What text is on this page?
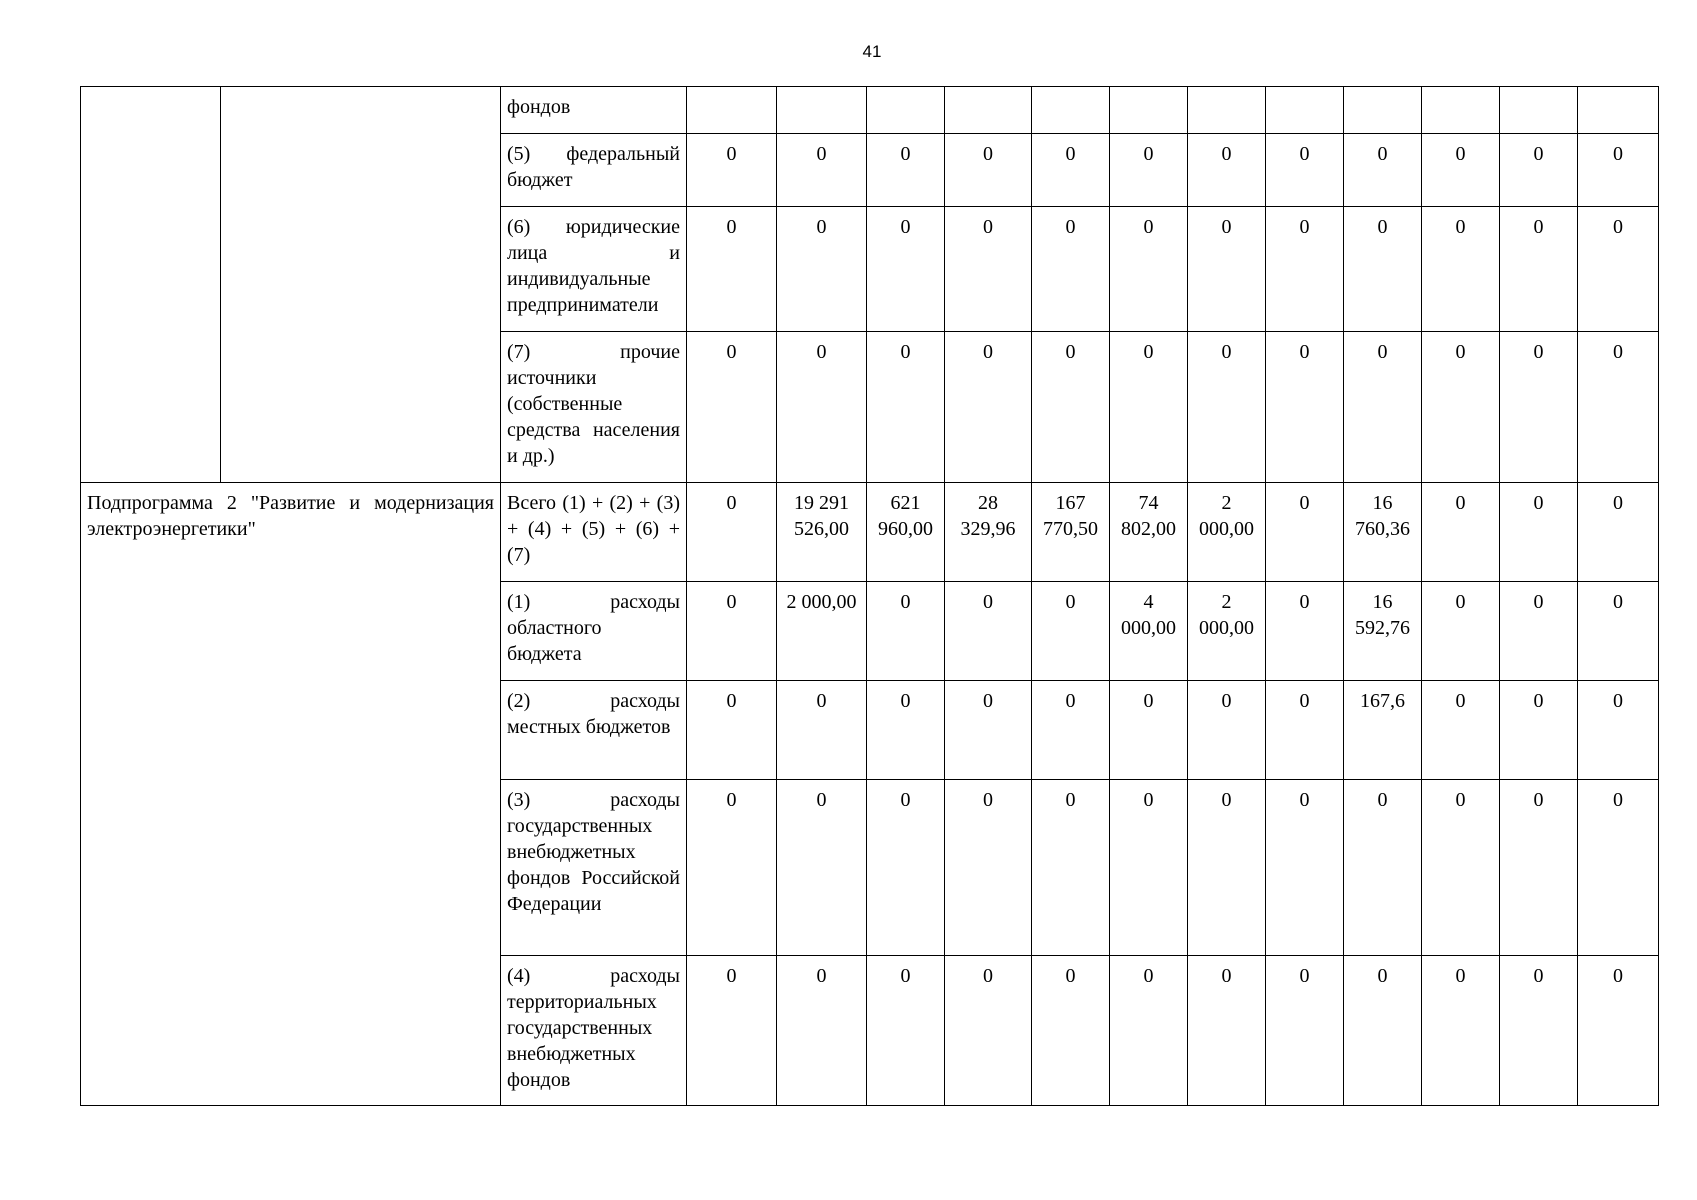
41
		фондов												
		(5) федеральный бюджет	0	0	0	0	0	0	0	0	0	0	0	0
		(6) юридические лица и индивидуальные предприниматели	0	0	0	0	0	0	0	0	0	0	0	0
		(7) прочие источники (собственные средства населения и др.)	0	0	0	0	0	0	0	0	0	0	0	0
Подпрограмма 2 "Развитие и модернизация электроэнергетики"		Всего (1) + (2) + (3) + (4) + (5) + (6) + (7)	0	19 291 526,00	621 960,00	28 329,96	167 770,50	74 802,00	2 000,00	0	16 760,36	0	0	0
		(1) расходы областного бюджета	0	2 000,00	0	0	0	4 000,00	2 000,00	0	16 592,76	0	0	0
		(2) расходы местных бюджетов	0	0	0	0	0	0	0	0	167,6	0	0	0
		(3) расходы государственных внебюджетных фондов Российской Федерации	0	0	0	0	0	0	0	0	0	0	0	0
		(4) расходы территориальных государственных внебюджетных фондов	0	0	0	0	0	0	0	0	0	0	0	0
